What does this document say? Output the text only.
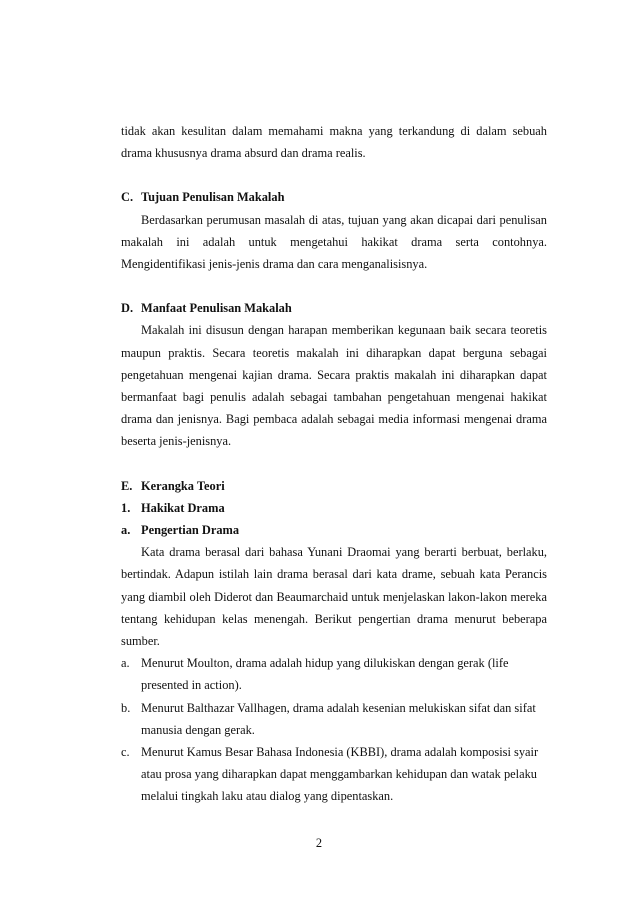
tidak akan kesulitan dalam memahami makna yang terkandung di dalam sebuah drama khususnya drama absurd dan drama realis.

C. Tujuan Penulisan Makalah

Berdasarkan perumusan masalah di atas, tujuan yang akan dicapai dari penulisan makalah ini adalah untuk mengetahui hakikat drama serta contohnya. Mengidentifikasi jenis-jenis drama dan cara menganalisisnya.

D. Manfaat Penulisan Makalah

Makalah ini disusun dengan harapan memberikan kegunaan baik secara teoretis maupun praktis. Secara teoretis makalah ini diharapkan dapat berguna sebagai pengetahuan mengenai kajian drama. Secara praktis makalah ini diharapkan dapat bermanfaat bagi penulis adalah sebagai tambahan pengetahuan mengenai hakikat drama dan jenisnya. Bagi pembaca adalah sebagai media informasi mengenai drama beserta jenis-jenisnya.

E. Kerangka Teori

1. Hakikat Drama

a. Pengertian Drama

Kata drama berasal dari bahasa Yunani Draomai yang berarti berbuat, berlaku, bertindak. Adapun istilah lain drama berasal dari kata drame, sebuah kata Perancis yang diambil oleh Diderot dan Beaumarchaid untuk menjelaskan lakon-lakon mereka tentang kehidupan kelas menengah. Berikut pengertian drama menurut beberapa sumber.

a. Menurut Moulton, drama adalah hidup yang dilukiskan dengan gerak (life presented in action).
b. Menurut Balthazar Vallhagen, drama adalah kesenian melukiskan sifat dan sifat manusia dengan gerak.
c. Menurut Kamus Besar Bahasa Indonesia (KBBI), drama adalah komposisi syair atau prosa yang diharapkan dapat menggambarkan kehidupan dan watak pelaku melalui tingkah laku atau dialog yang dipentaskan.
2
